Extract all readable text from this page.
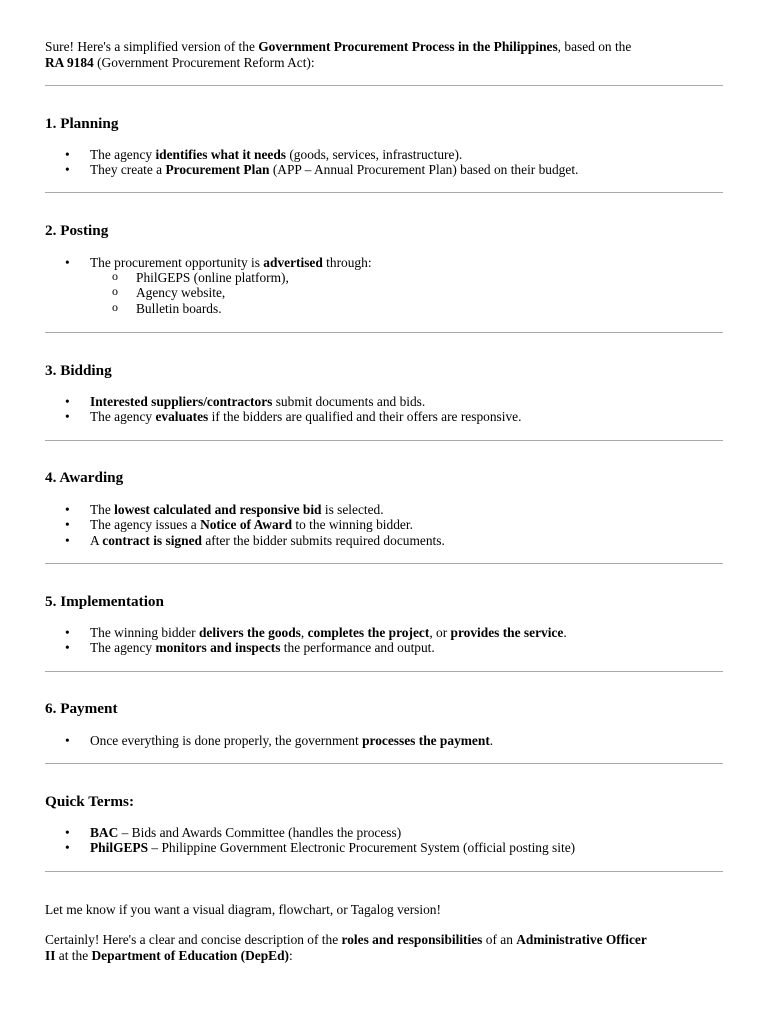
Sure! Here's a simplified version of the Government Procurement Process in the Philippines, based on the

RA 9184 (Government Procurement Reform Act):

1. Planning
• The agency identifies what it needs (goods, services, infrastructure).
• They create a Procurement Plan (APP – Annual Procurement Plan) based on their budget.
2. Posting
• The procurement opportunity is advertised through:
o PhilGEPS (online platform),
o Agency website,
o Bulletin boards.
3. Bidding
• Interested suppliers/contractors submit documents and bids.
• The agency evaluates if the bidders are qualified and their offers are responsive.
4. Awarding
• The lowest calculated and responsive bid is selected.
• The agency issues a Notice of Award to the winning bidder.
• A contract is signed after the bidder submits required documents.
5. Implementation
• The winning bidder delivers the goods, completes the project, or provides the service.
• The agency monitors and inspects the performance and output.
6. Payment
• Once everything is done properly, the government processes the payment.
Quick Terms:
• BAC – Bids and Awards Committee (handles the process)
• PhilGEPS – Philippine Government Electronic Procurement System (official posting site)

Let me know if you want a visual diagram, flowchart, or Tagalog version!

Certainly! Here's a clear and concise description of the roles and responsibilities of an Administrative Officer

II at the Department of Education (DepEd):
